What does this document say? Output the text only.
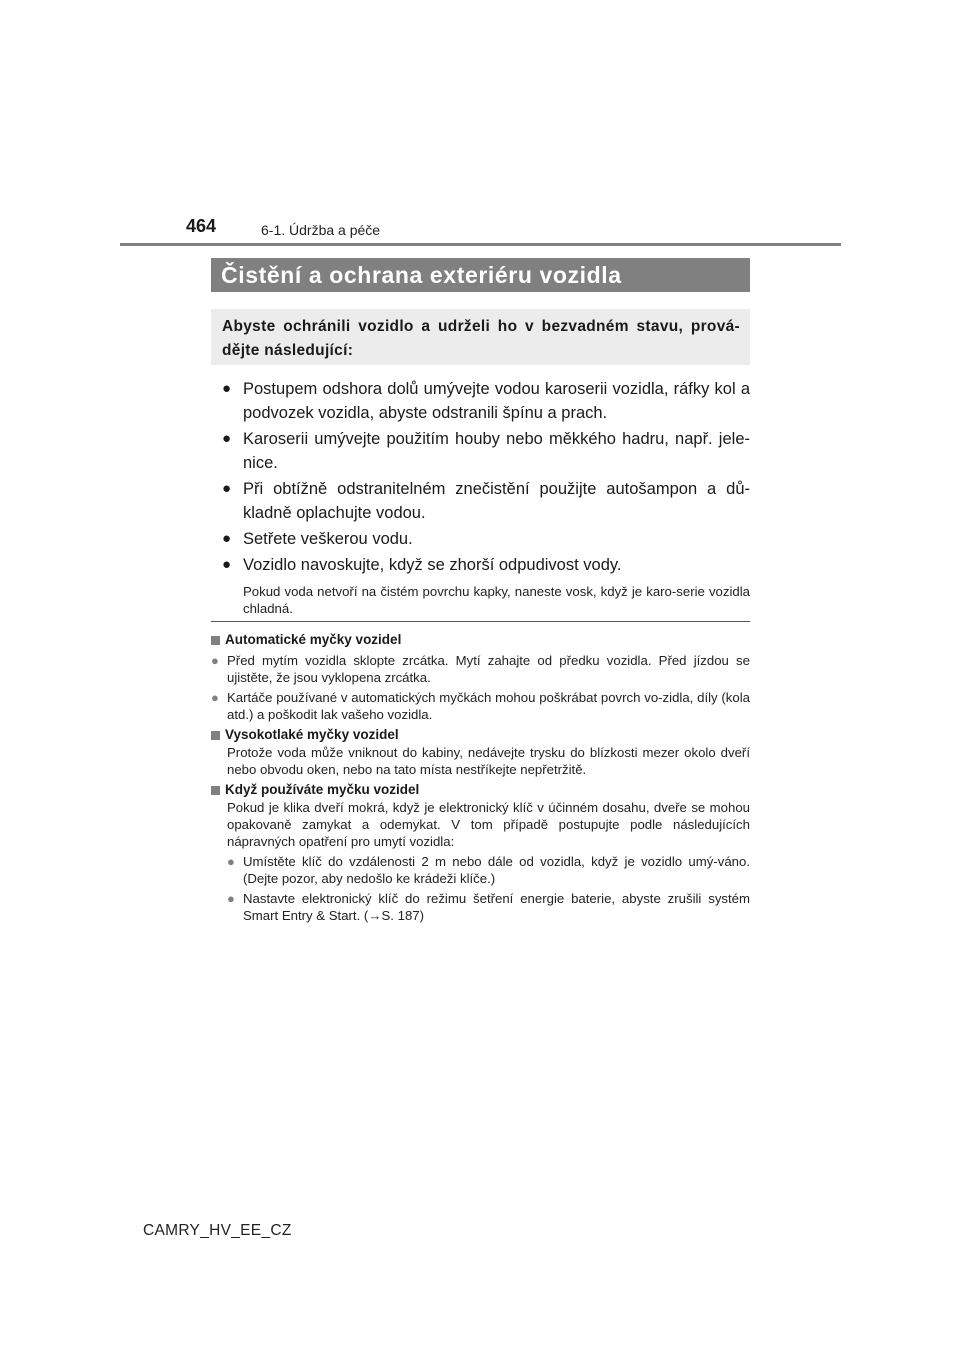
464	6-1. Údržba a péče
Čistění a ochrana exteriéru vozidla
Abyste ochránili vozidlo a udrželi ho v bezvadném stavu, prová-dějte následující:
● Postupem odshora dolů umývejte vodou karoserii vozidla, ráfky kol a podvozek vozidla, abyste odstranili špínu a prach.
● Karoserii umývejte použitím houby nebo měkkého hadru, např. jele-nice.
● Při obtížně odstranitelném znečistění použijte autošampon a dů-kladně oplachujte vodou.
● Setřete veškerou vodu.
● Vozidlo navoskujte, když se zhorší odpudivost vody.
Pokud voda netvoří na čistém povrchu kapky, naneste vosk, když je karo-serie vozidla chladná.
Automatické myčky vozidel
● Před mytím vozidla sklopte zrcátka. Mytí zahajte od předku vozidla. Před jízdou se ujistěte, že jsou vyklopena zrcátka.
● Kartáče používané v automatických myčkách mohou poškrábat povrch vo-zidla, díly (kola atd.) a poškodit lak vašeho vozidla.
Vysokotlaké myčky vozidel
Protože voda může vniknout do kabiny, nedávejte trysku do blízkosti mezer okolo dveří nebo obvodu oken, nebo na tato místa nestříkejte nepřetržitě.
Když používáte myčku vozidel
Pokud je klika dveří mokrá, když je elektronický klíč v účinném dosahu, dveře se mohou opakovaně zamykat a odemykat. V tom případě postupujte podle následujících nápravných opatření pro umytí vozidla:
● Umístěte klíč do vzdálenosti 2 m nebo dále od vozidla, když je vozidlo umý-váno. (Dejte pozor, aby nedošlo ke krádeži klíče.)
● Nastavte elektronický klíč do režimu šetření energie baterie, abyste zrušili systém Smart Entry & Start. (→S. 187)
CAMRY_HV_EE_CZ
